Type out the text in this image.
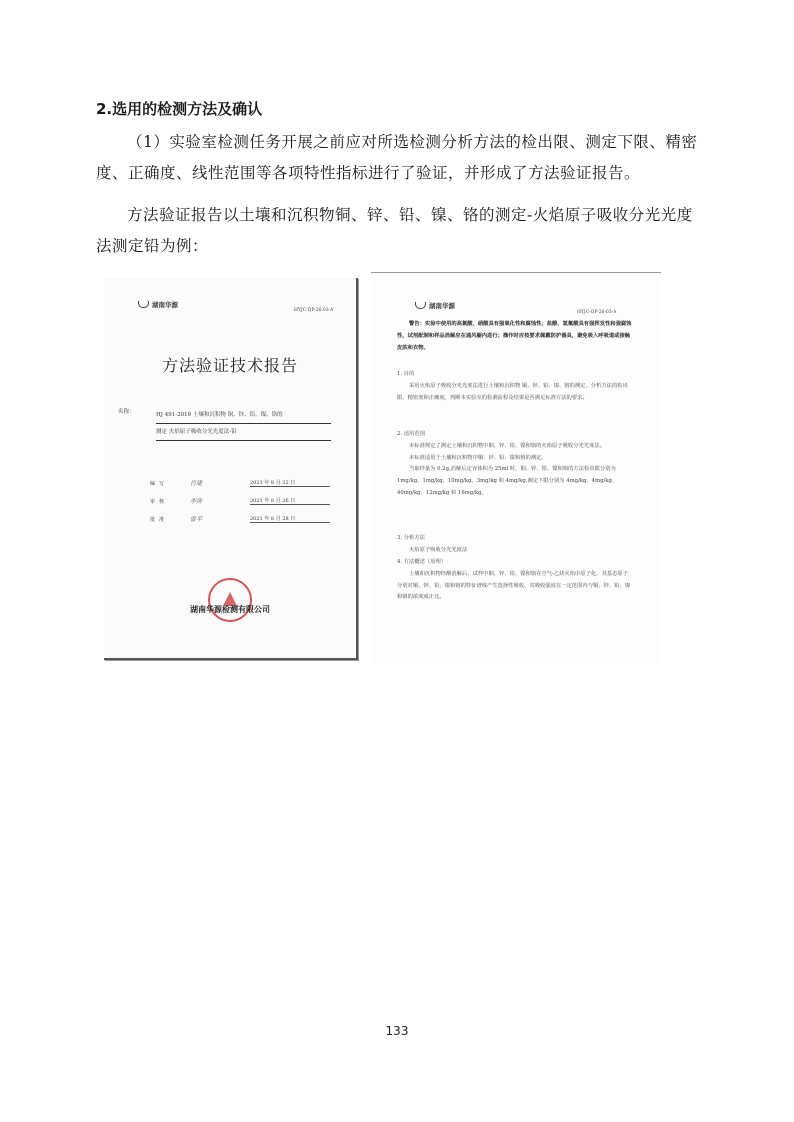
2.选用的检测方法及确认
（1）实验室检测任务开展之前应对所选检测分析方法的检出限、测定下限、精密度、正确度、线性范围等各项特性指标进行了验证，并形成了方法验证报告。
方法验证报告以土壤和沉积物铜、锌、铅、镍、铬的测定-火焰原子吸收分光光度法测定铅为例：
湖南华源
HYJC-QP-26-03-A
方法验证技术报告
名称：	HJ 491-2019 土壤和沉积物 铜、锌、铅、镍、铬的
测定 火焰原子吸收分光光度法-铅
编写	肖建	2021 年 8 月 22 日
审核	李涛	2021 年 8 月 26 日
批准	曾平	2021 年 8 月 28 日
湖南华源检测有限公司
湖南华源
HYJC-QP-26-03-A
警告：实验中使用的高氯酸、硝酸具有强氧化性和腐蚀性，盐酸、氢氟酸具有强挥发性和强腐蚀性，试剂配制和样品消解应在通风橱内进行；操作时应按要求佩戴防护器具，避免吸入呼吸道或接触皮肤和衣物。
1. 目的
采用火焰原子吸收分光光度法进行土壤和沉积物 铜、锌、铅、镍、铬的测定，分析方法的检出限、精密度和正确度，判断本实验室的检测流程及结果是否满足标准方法的要求。
2. 适用范围
本标准规定了测定土壤和沉积物中铜、锌、铅、镍和铬的火焰原子吸收分光光度法。
本标准适用于土壤和沉积物中铜、锌、铅、镍和铬的测定。
当取样量为 0.2g,消解后定容体积为 25ml 时，铜、锌、铅、镍和铬的方法检出限分别为 1mg/kg、1mg/kg、10mg/kg、3mg/kg 和 4mg/kg,测定下限分别为 4mg/kg、4mg/kg、40mg/kg、12mg/kg 和 16mg/kg。
3. 分析方法
火焰原子吸收分光光度法
4. 方法概述（原理）
土壤和沉积物经酸消解后，试样中铜、锌、铅、镍和铬在空气-乙炔火焰中原子化，其基态原子分别对铜、锌、铅、镍和铬的特征谱线产生选择性吸收，其吸收强度在一定范围内与铜、锌、铅、镍和铬的浓度成正比。
133
